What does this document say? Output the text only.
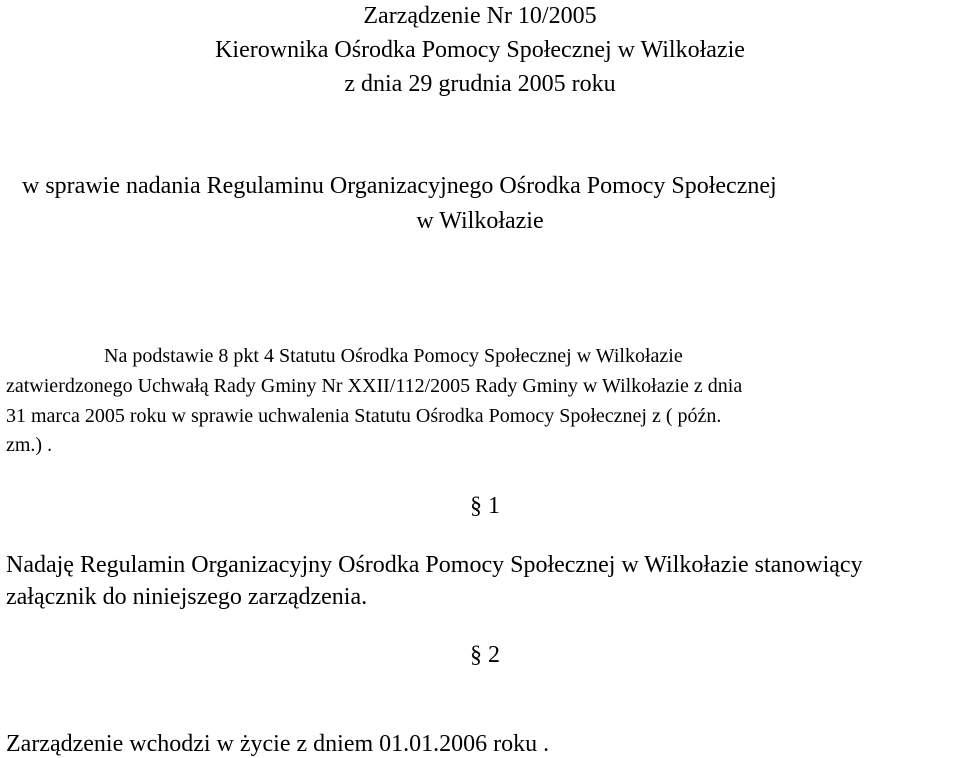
Zarządzenie Nr 10/2005
Kierownika Ośrodka Pomocy Społecznej w Wilkołazie
z dnia 29 grudnia 2005 roku
w sprawie nadania Regulaminu Organizacyjnego Ośrodka Pomocy Społecznej
w Wilkołazie
Na podstawie 8 pkt 4 Statutu Ośrodka Pomocy Społecznej w Wilkołazie
zatwierdzonego Uchwałą Rady Gminy Nr XXII/112/2005 Rady Gminy w Wilkołazie z dnia
31 marca 2005 roku w sprawie uchwalenia Statutu Ośrodka Pomocy Społecznej z ( późn.
zm.) .
§ 1
Nadaję Regulamin Organizacyjny Ośrodka Pomocy Społecznej w Wilkołazie stanowiący
załącznik do niniejszego zarządzenia.
§ 2
Zarządzenie wchodzi w życie z dniem 01.01.2006 roku .
